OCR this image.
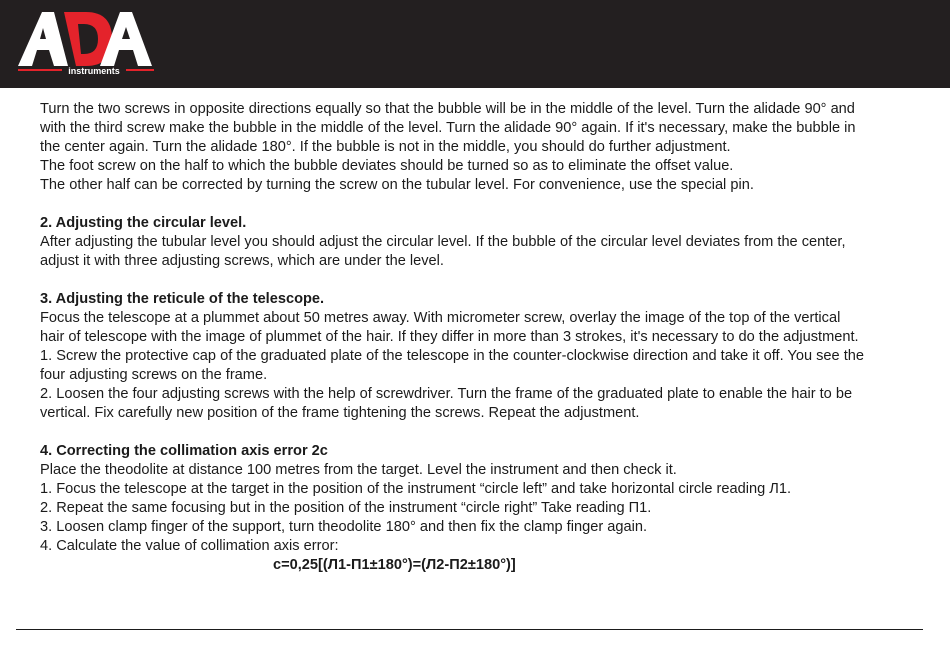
instruments

Turn the two screws in opposite directions equally so that the bubble will be in the middle of the level. Turn the alidade 90° and

with the third screw make the bubble in the middle of the level. Turn the alidade 90° again. If it's necessary, make the bubble in

the center again. Turn the alidade 180°. If the bubble is not in the middle, you should do further adjustment.

The foot screw on the half to which the bubble deviates should be turned so as to eliminate the offset value.

The other half can be corrected by turning the screw on the tubular level. For convenience, use the special pin.

2. Adjusting the circular level.

After adjusting the tubular level you should adjust the circular level. If the bubble of the circular level deviates from the center,

adjust it with three adjusting screws, which are under the level.

3. Adjusting the reticule of the telescope.

Focus the telescope at a plummet about 50 metres away. With micrometer screw, overlay the image of the top of the vertical

hair of telescope with the image of plummet of the hair. If they differ in more than 3 strokes, it's necessary to do the adjustment.

1. Screw the protective cap of the graduated plate of the telescope in the counter-clockwise direction and take it off. You see the

four adjusting screws on the frame.

2. Loosen the four adjusting screws with the help of screwdriver. Turn the frame of the graduated plate to enable the hair to be

vertical. Fix carefully new position of the frame tightening the screws. Repeat the adjustment.

4. Correcting the collimation axis error 2c

Place the theodolite at distance 100 metres from the target. Level the instrument and then check it.

1. Focus the telescope at the target in the position of the instrument “circle left” and take horizontal circle reading Л1.

2. Repeat the same focusing but in the position of the instrument “circle right” Take reading П1.

3. Loosen clamp finger of the support, turn theodolite 180° and then fix the clamp finger again.

4. Calculate the value of collimation axis error:

c=0,25[(Л1-П1±180°)=(Л2-П2±180°)]
